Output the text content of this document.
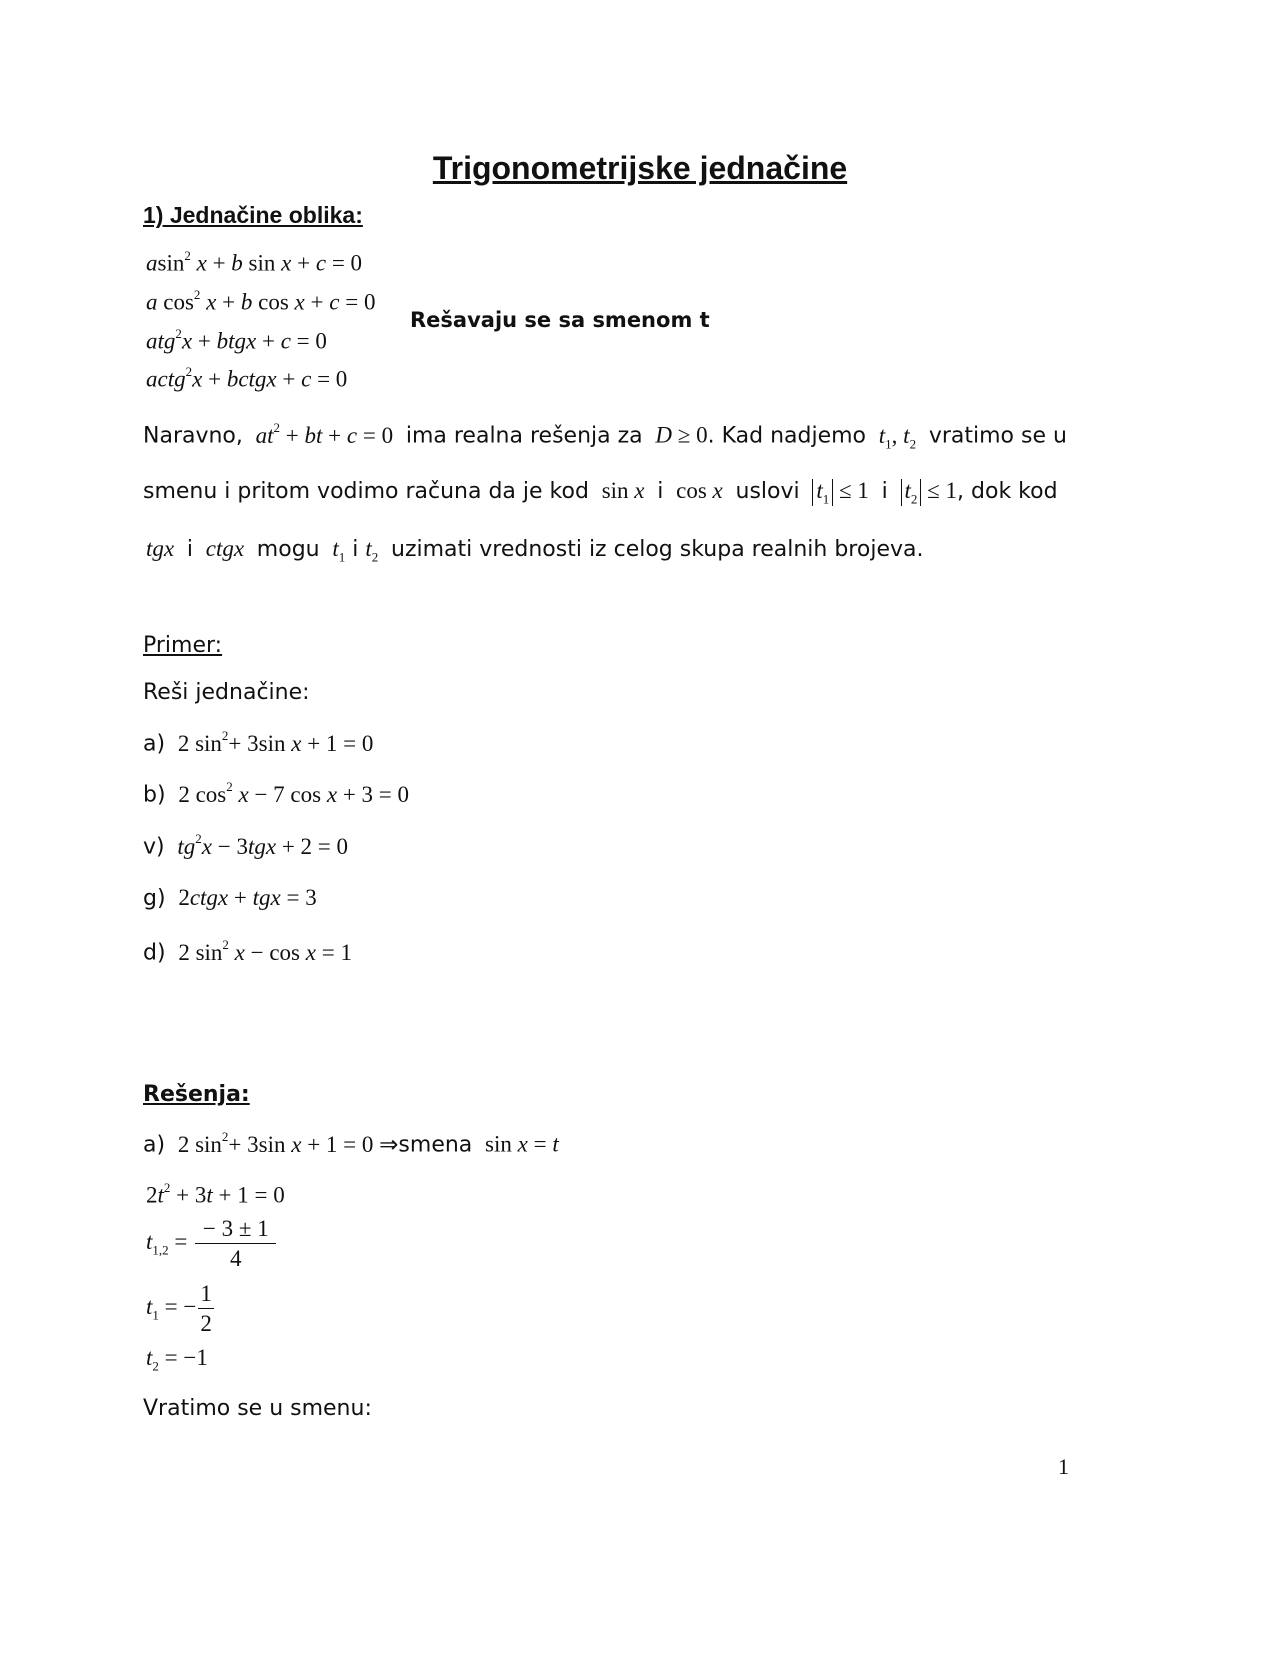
Trigonometrijske jednačine
1) Jednačine oblika:
asin$^2$ x + b sin x + c = 0
a $\cos^2 x + b$ cos x + c = 0
atg$^2$x + btgx + c = 0
actg$^2$x + bctgx + c = 0
Rešavaju se sa smenom t
Naravno, $at^2$ + bt + c = 0  ima realna rešenja za D ≥ 0. Kad nadjemo $t_1$, $t_2$ vratimo se u
smenu i pritom vodimo računa da je kod  sin x i  cos x uslovi $t_1 \le 1$  i $t_2 \le 1$, dok kod
tgx i ctgx mogu $t_1$ i $t_2$ uzimati vrednosti iz celog skupa realnih brojeva.
Primer:
Reši jednačine:
a)  2 $\sin^2+ 3\sin$ x + 1 = 0
b)  2 $\cos^2 x - 7$ cos x + 3 = 0
v) $tg^2x - 3tgx + 2 = 0$
g)  2ctgx + tgx = 3
d)  2 $\sin^2 x - \cos x = 1$
Rešenja:
a)  2 $\sin^2+ 3\sin$ x + 1 = 0 ⇒smena  sin x = t
$2t^2 + 3t + 1 = 0$
$t_{1,2} = \frac{- 3 \pm 1}{4}$
$t_1$ = − $\frac{1}{2}$
$t_2 = -1$
Vratimo se u smenu:
1
